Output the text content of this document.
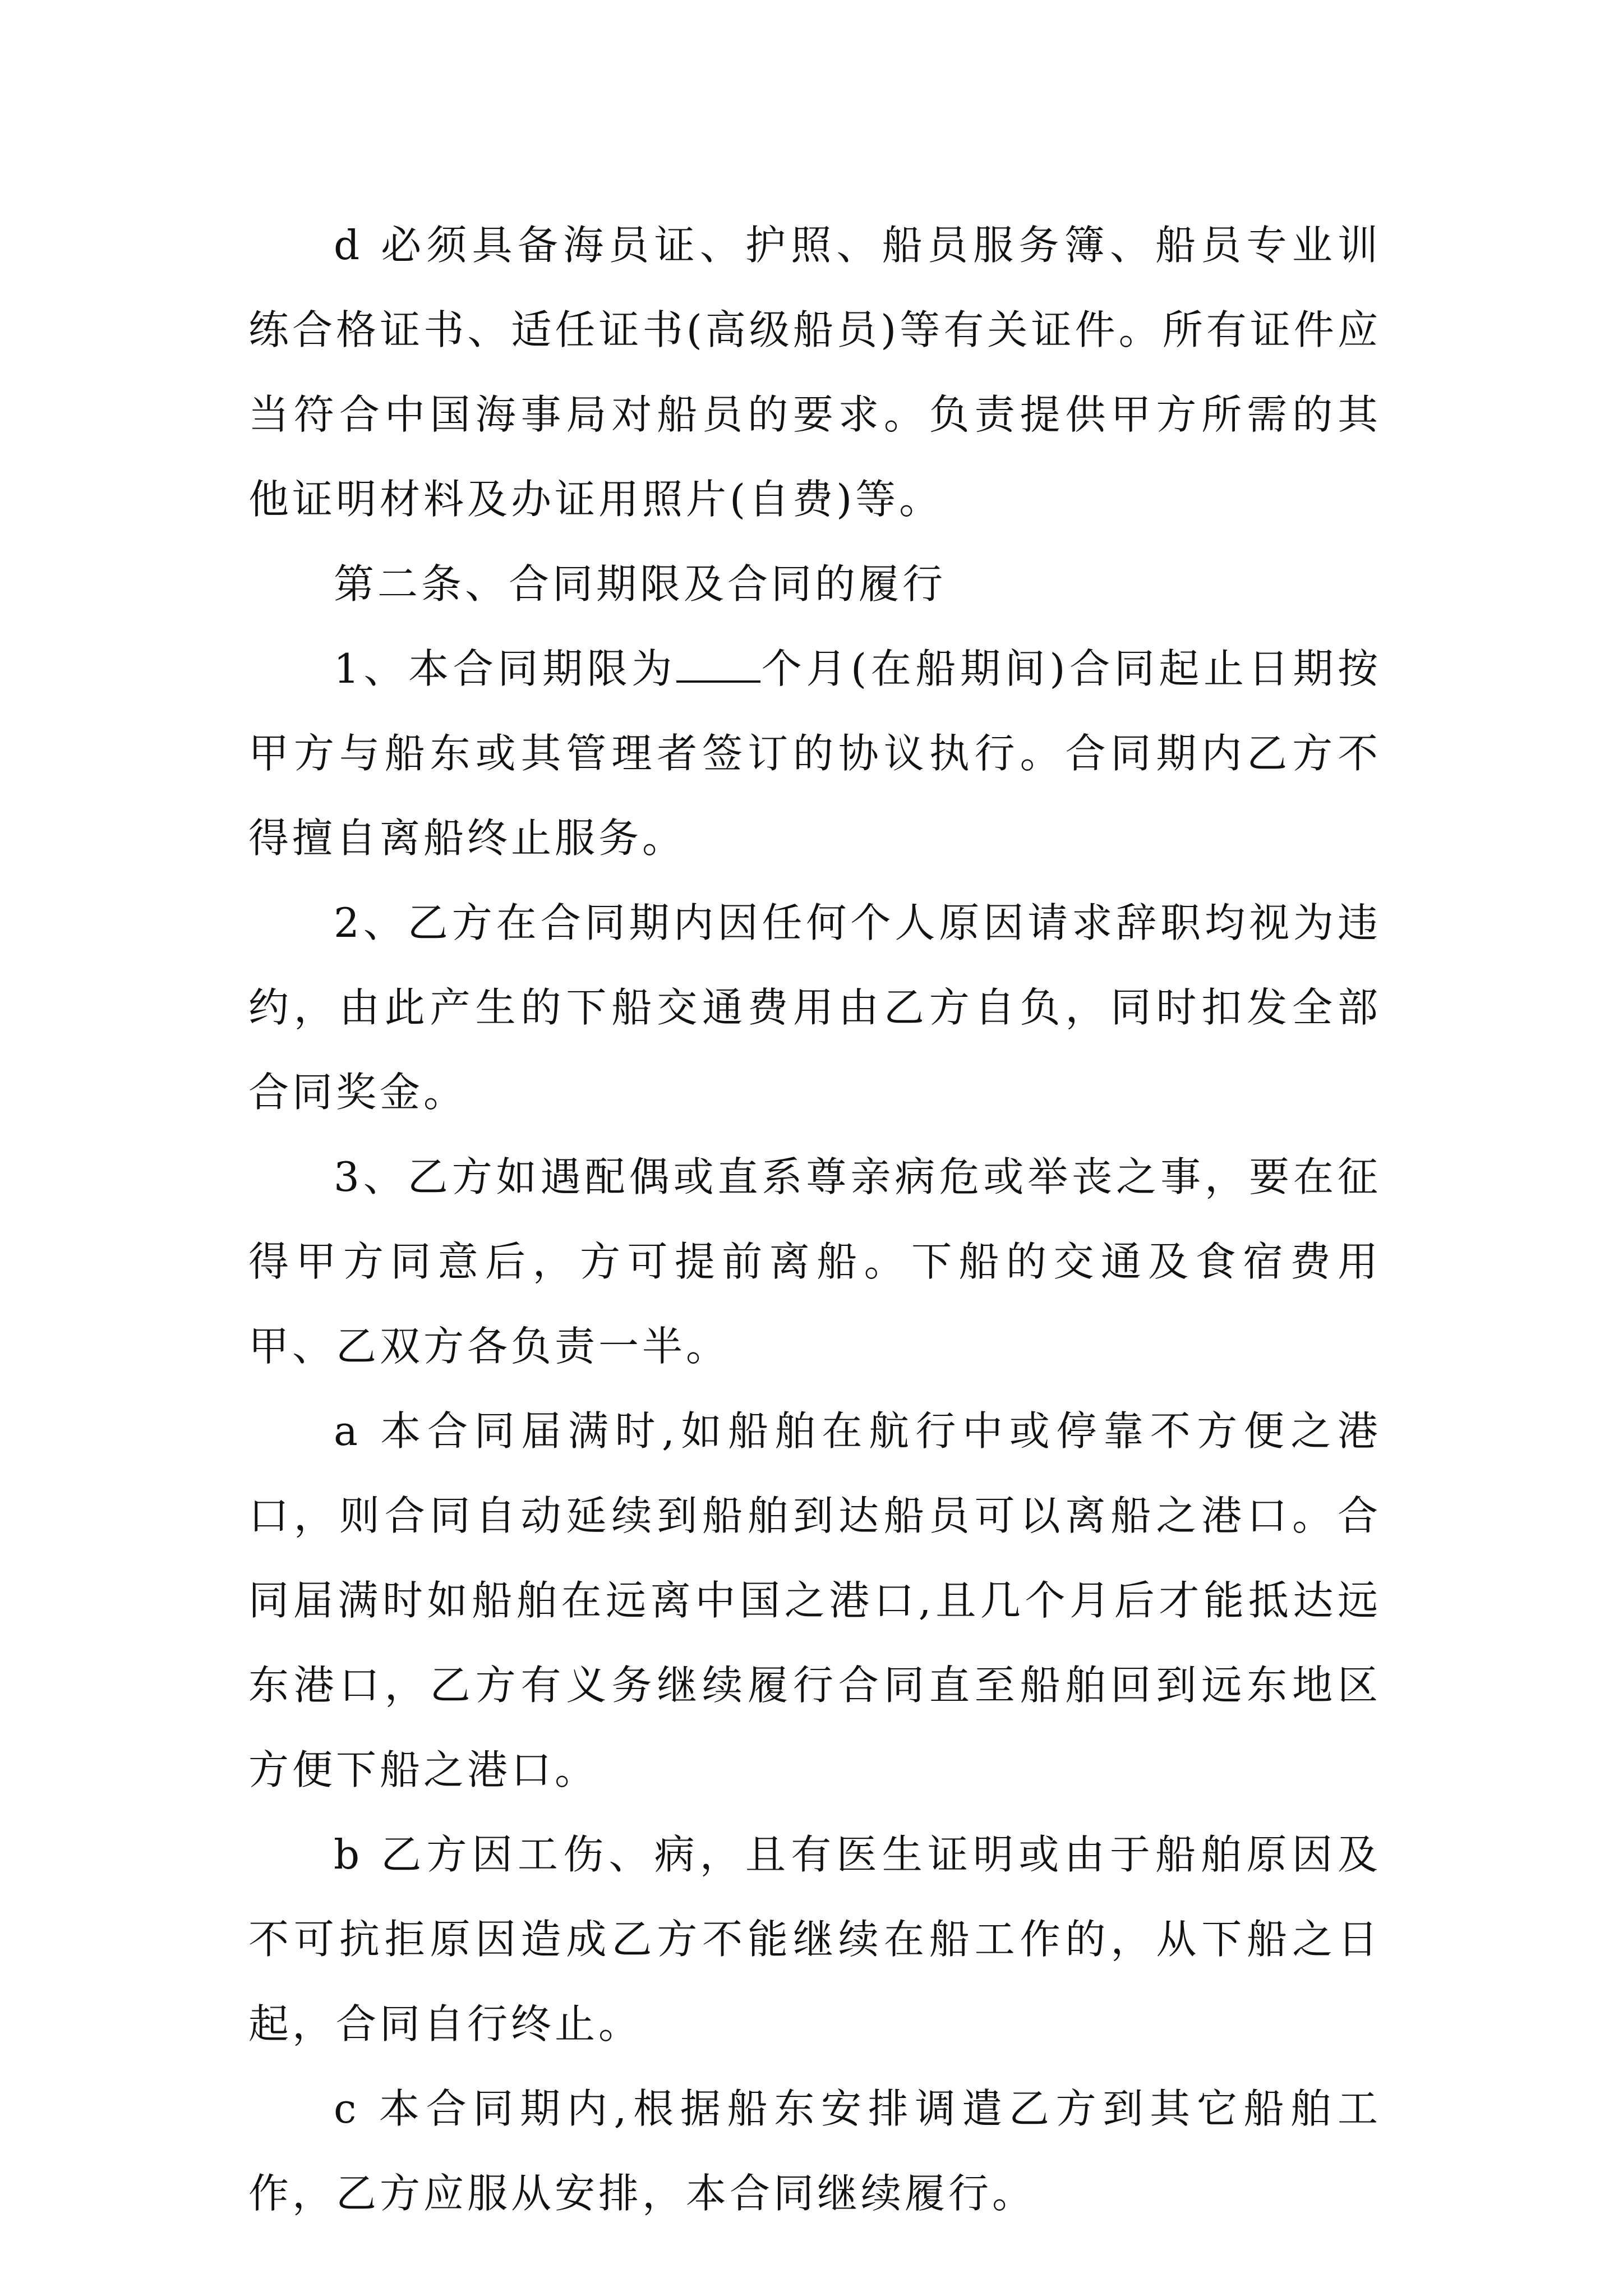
d 必须具备海员证、护照、船员服务簿、船员专业训练合格证书、适任证书(高级船员)等有关证件。所有证件应当符合中国海事局对船员的要求。负责提供甲方所需的其他证明材料及办证用照片(自费)等。

第二条、合同期限及合同的履行

1、本合同期限为 个月(在船期间)合同起止日期按甲方与船东或其管理者签订的协议执行。合同期内乙方不得擅自离船终止服务。

2、乙方在合同期内因任何个人原因请求辞职均视为违约，由此产生的下船交通费用由乙方自负，同时扣发全部合同奖金。

3、乙方如遇配偶或直系尊亲病危或举丧之事，要在征得甲方同意后，方可提前离船。下船的交通及食宿费用甲、乙双方各负责一半。

a 本合同届满时,如船舶在航行中或停靠不方便之港口，则合同自动延续到船舶到达船员可以离船之港口。合同届满时如船舶在远离中国之港口,且几个月后才能抵达远东港口，乙方有义务继续履行合同直至船舶回到远东地区方便下船之港口。

b 乙方因工伤、病，且有医生证明或由于船舶原因及不可抗拒原因造成乙方不能继续在船工作的，从下船之日起，合同自行终止。

c 本合同期内,根据船东安排调遣乙方到其它船舶工作，乙方应服从安排，本合同继续履行。
